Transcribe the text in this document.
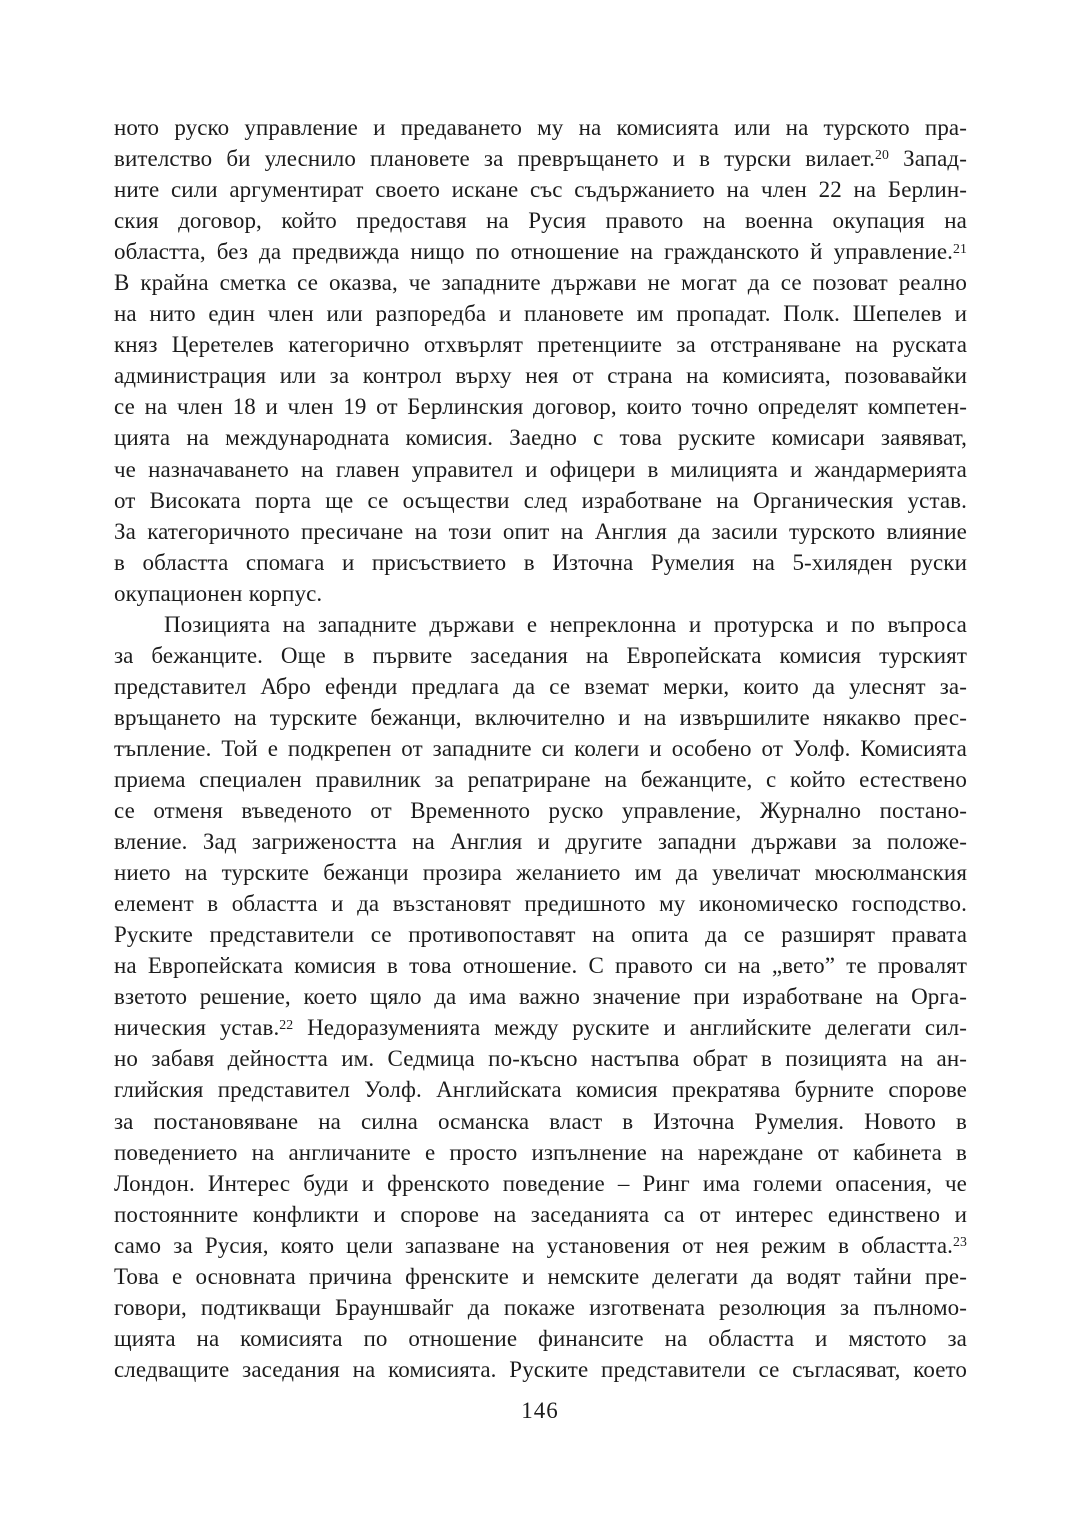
ното руско управление и предаването му на комисията или на турското пра-
вителство би улеснило плановете за превръщането и в турски вилает.$^{20}$ Запад-
ните сили аргументират своето искане със съдържанието на член 22 на Берлин-
ския договор, който предоставя на Русия правото на военна окупация на
областта, без да предвижда нищо по отношение на гражданското й управление.$^{21}$
В крайна сметка се оказва, че западните държави не могат да се позоват реално
на нито един член или разпоредба и плановете им пропадат. Полк. Шепелев и
княз Церетелев категорично отхвърлят претенциите за отстраняване на руската
администрация или за контрол върху нея от страна на комисията, позовавайки
се на член 18 и член 19 от Берлинския договор, които точно определят компетен-
цията на международната комисия. Заедно с това руските комисари заявяват,
че назначаването на главен управител и офицери в милицията и жандармерията
от Високата порта ще се осъществи след изработване на Органическия устав.
За категоричното пресичане на този опит на Англия да засили турското влияние
в областта спомага и присъствието в Източна Румелия на 5-хиляден руски
окупационен корпус.
Позицията на западните държави е непреклонна и протурска и по въпроса
за бежанците. Още в първите заседания на Европейската комисия турският
представител Абро ефенди предлага да се вземат мерки, които да улеснят за-
връщането на турските бежанци, включително и на извършилите някакво прес-
тъпление. Той е подкрепен от западните си колеги и особено от Уолф. Комисията
приема специален правилник за репатриране на бежанците, с който естествено
се отменя въведеното от Временното руско управление, Журнално постано-
вление. Зад загрижеността на Англия и другите западни държави за положе-
нието на турските бежанци прозира желанието им да увеличат мюсюлманския
елемент в областта и да възстановят предишното му икономическо господство.
Руските представители се противопоставят на опита да се разширят правата
на Европейската комисия в това отношение. С правото си на „вето” те провалят
взетото решение, което щяло да има важно значение при изработване на Орга-
ническия устав.$^{22}$ Недоразуменията между руските и английските делегати сил-
но забавя дейността им. Седмица по-късно настъпва обрат в позицията на ан-
глийския представител Уолф. Английската комисия прекратява бурните спорове
за постановяване на силна османска власт в Източна Румелия. Новото в
поведението на англичаните е просто изпълнение на нареждане от кабинета в
Лондон. Интерес буди и френското поведение – Ринг има големи опасения, че
постоянните конфликти и спорове на заседанията са от интерес единствено и
само за Русия, която цели запазване на установения от нея режим в областта.$^{23}$
Това е основната причина френските и немските делегати да водят тайни пре-
говори, подтикващи Брауншвайг да покаже изготвената резолюция за пълномо-
щията на комисията по отношение финансите на областта и мястото за
следващите заседания на комисията. Руските представители се съгласяват, което
146
